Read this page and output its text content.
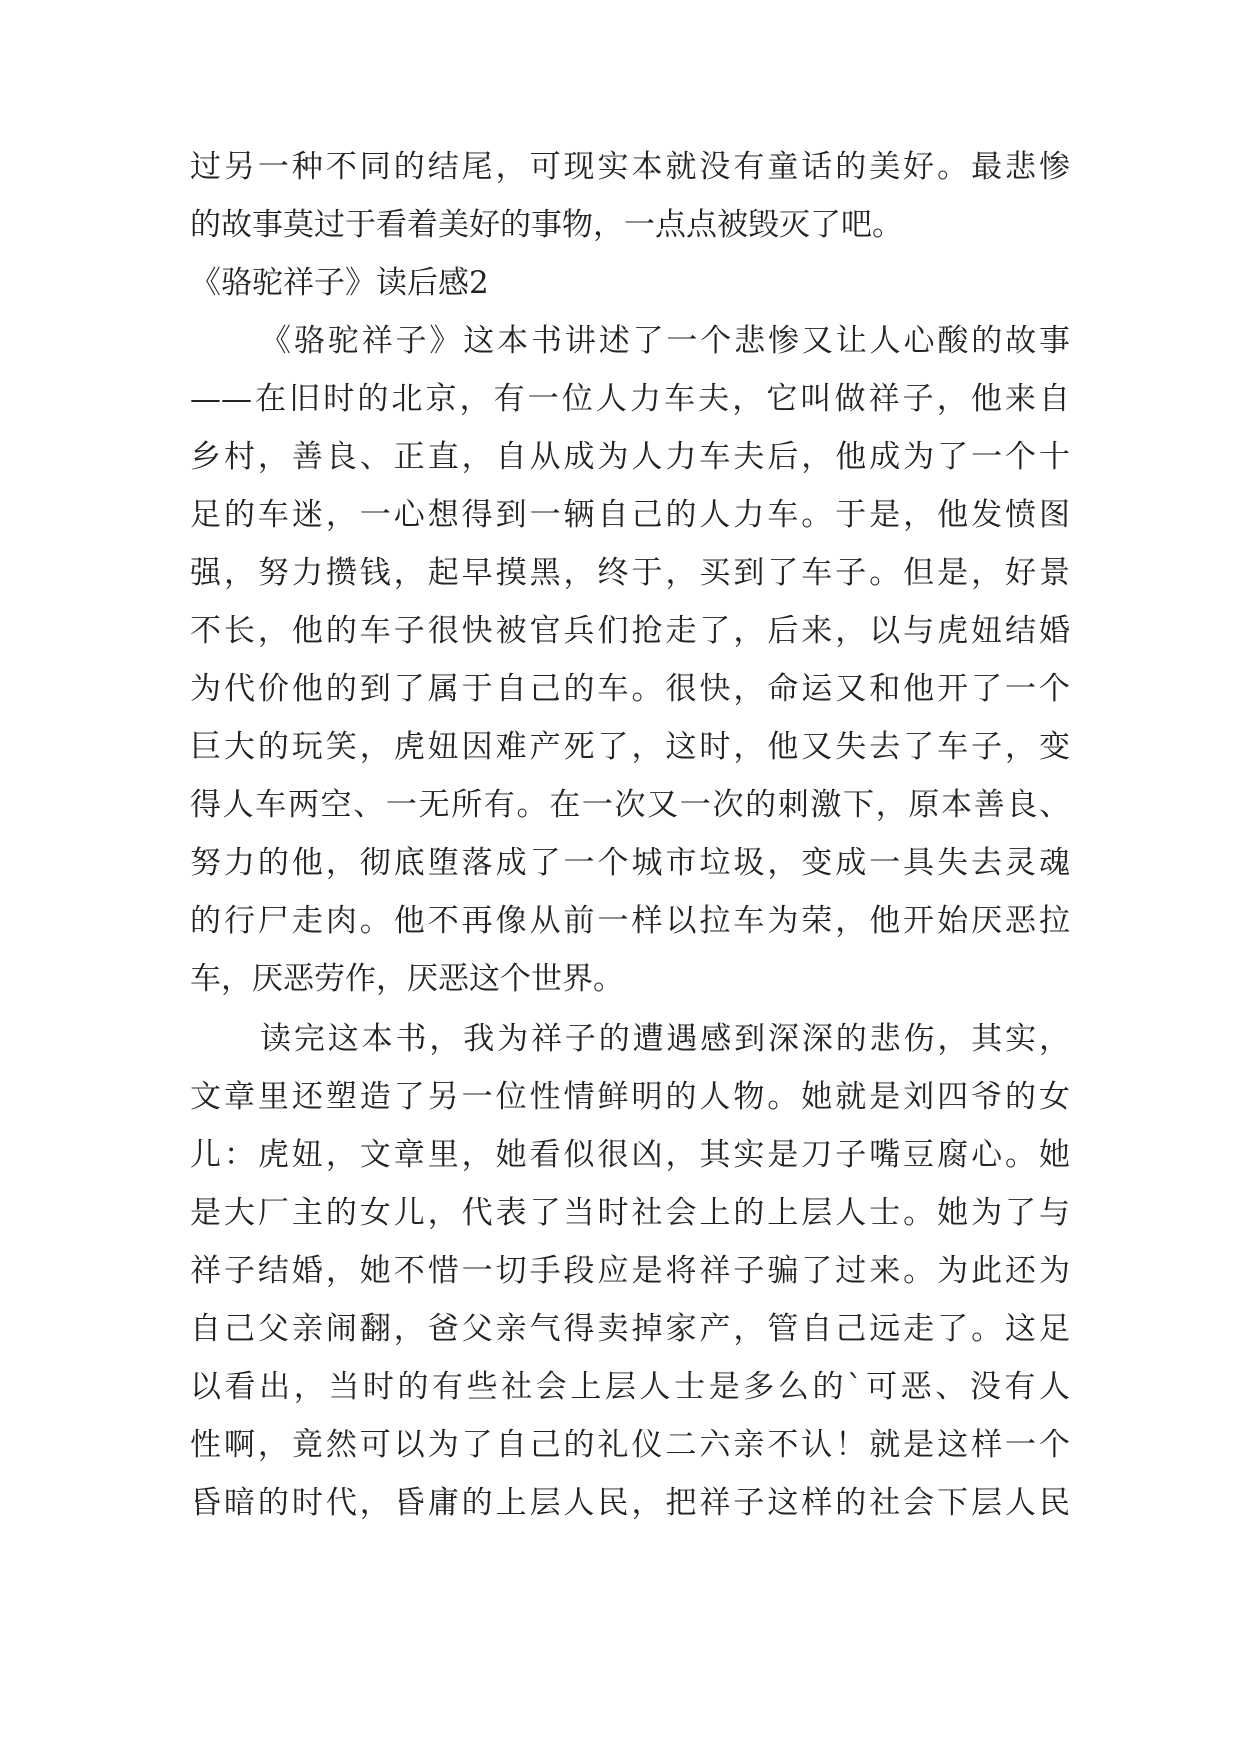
过另一种不同的结尾，可现实本就没有童话的美好。最悲惨
的故事莫过于看着美好的事物，一点点被毁灭了吧。
《骆驼祥子》读后感2
《骆驼祥子》这本书讲述了一个悲惨又让人心酸的故事
——在旧时的北京，有一位人力车夫，它叫做祥子，他来自
乡村，善良、正直，自从成为人力车夫后，他成为了一个十
足的车迷，一心想得到一辆自己的人力车。于是，他发愤图
强，努力攒钱，起早摸黑，终于，买到了车子。但是，好景
不长，他的车子很快被官兵们抢走了，后来，以与虎妞结婚
为代价他的到了属于自己的车。很快，命运又和他开了一个
巨大的玩笑，虎妞因难产死了，这时，他又失去了车子，变
得人车两空、一无所有。在一次又一次的刺激下，原本善良、
努力的他，彻底堕落成了一个城市垃圾，变成一具失去灵魂
的行尸走肉。他不再像从前一样以拉车为荣，他开始厌恶拉
车，厌恶劳作，厌恶这个世界。
读完这本书，我为祥子的遭遇感到深深的悲伤，其实，
文章里还塑造了另一位性情鲜明的人物。她就是刘四爷的女
儿：虎妞，文章里，她看似很凶，其实是刀子嘴豆腐心。她
是大厂主的女儿，代表了当时社会上的上层人士。她为了与
祥子结婚，她不惜一切手段应是将祥子骗了过来。为此还为
自己父亲闹翻，爸父亲气得卖掉家产，管自己远走了。这足
以看出，当时的有些社会上层人士是多么的`可恶、没有人
性啊，竟然可以为了自己的礼仪二六亲不认！就是这样一个
昏暗的时代，昏庸的上层人民，把祥子这样的社会下层人民
